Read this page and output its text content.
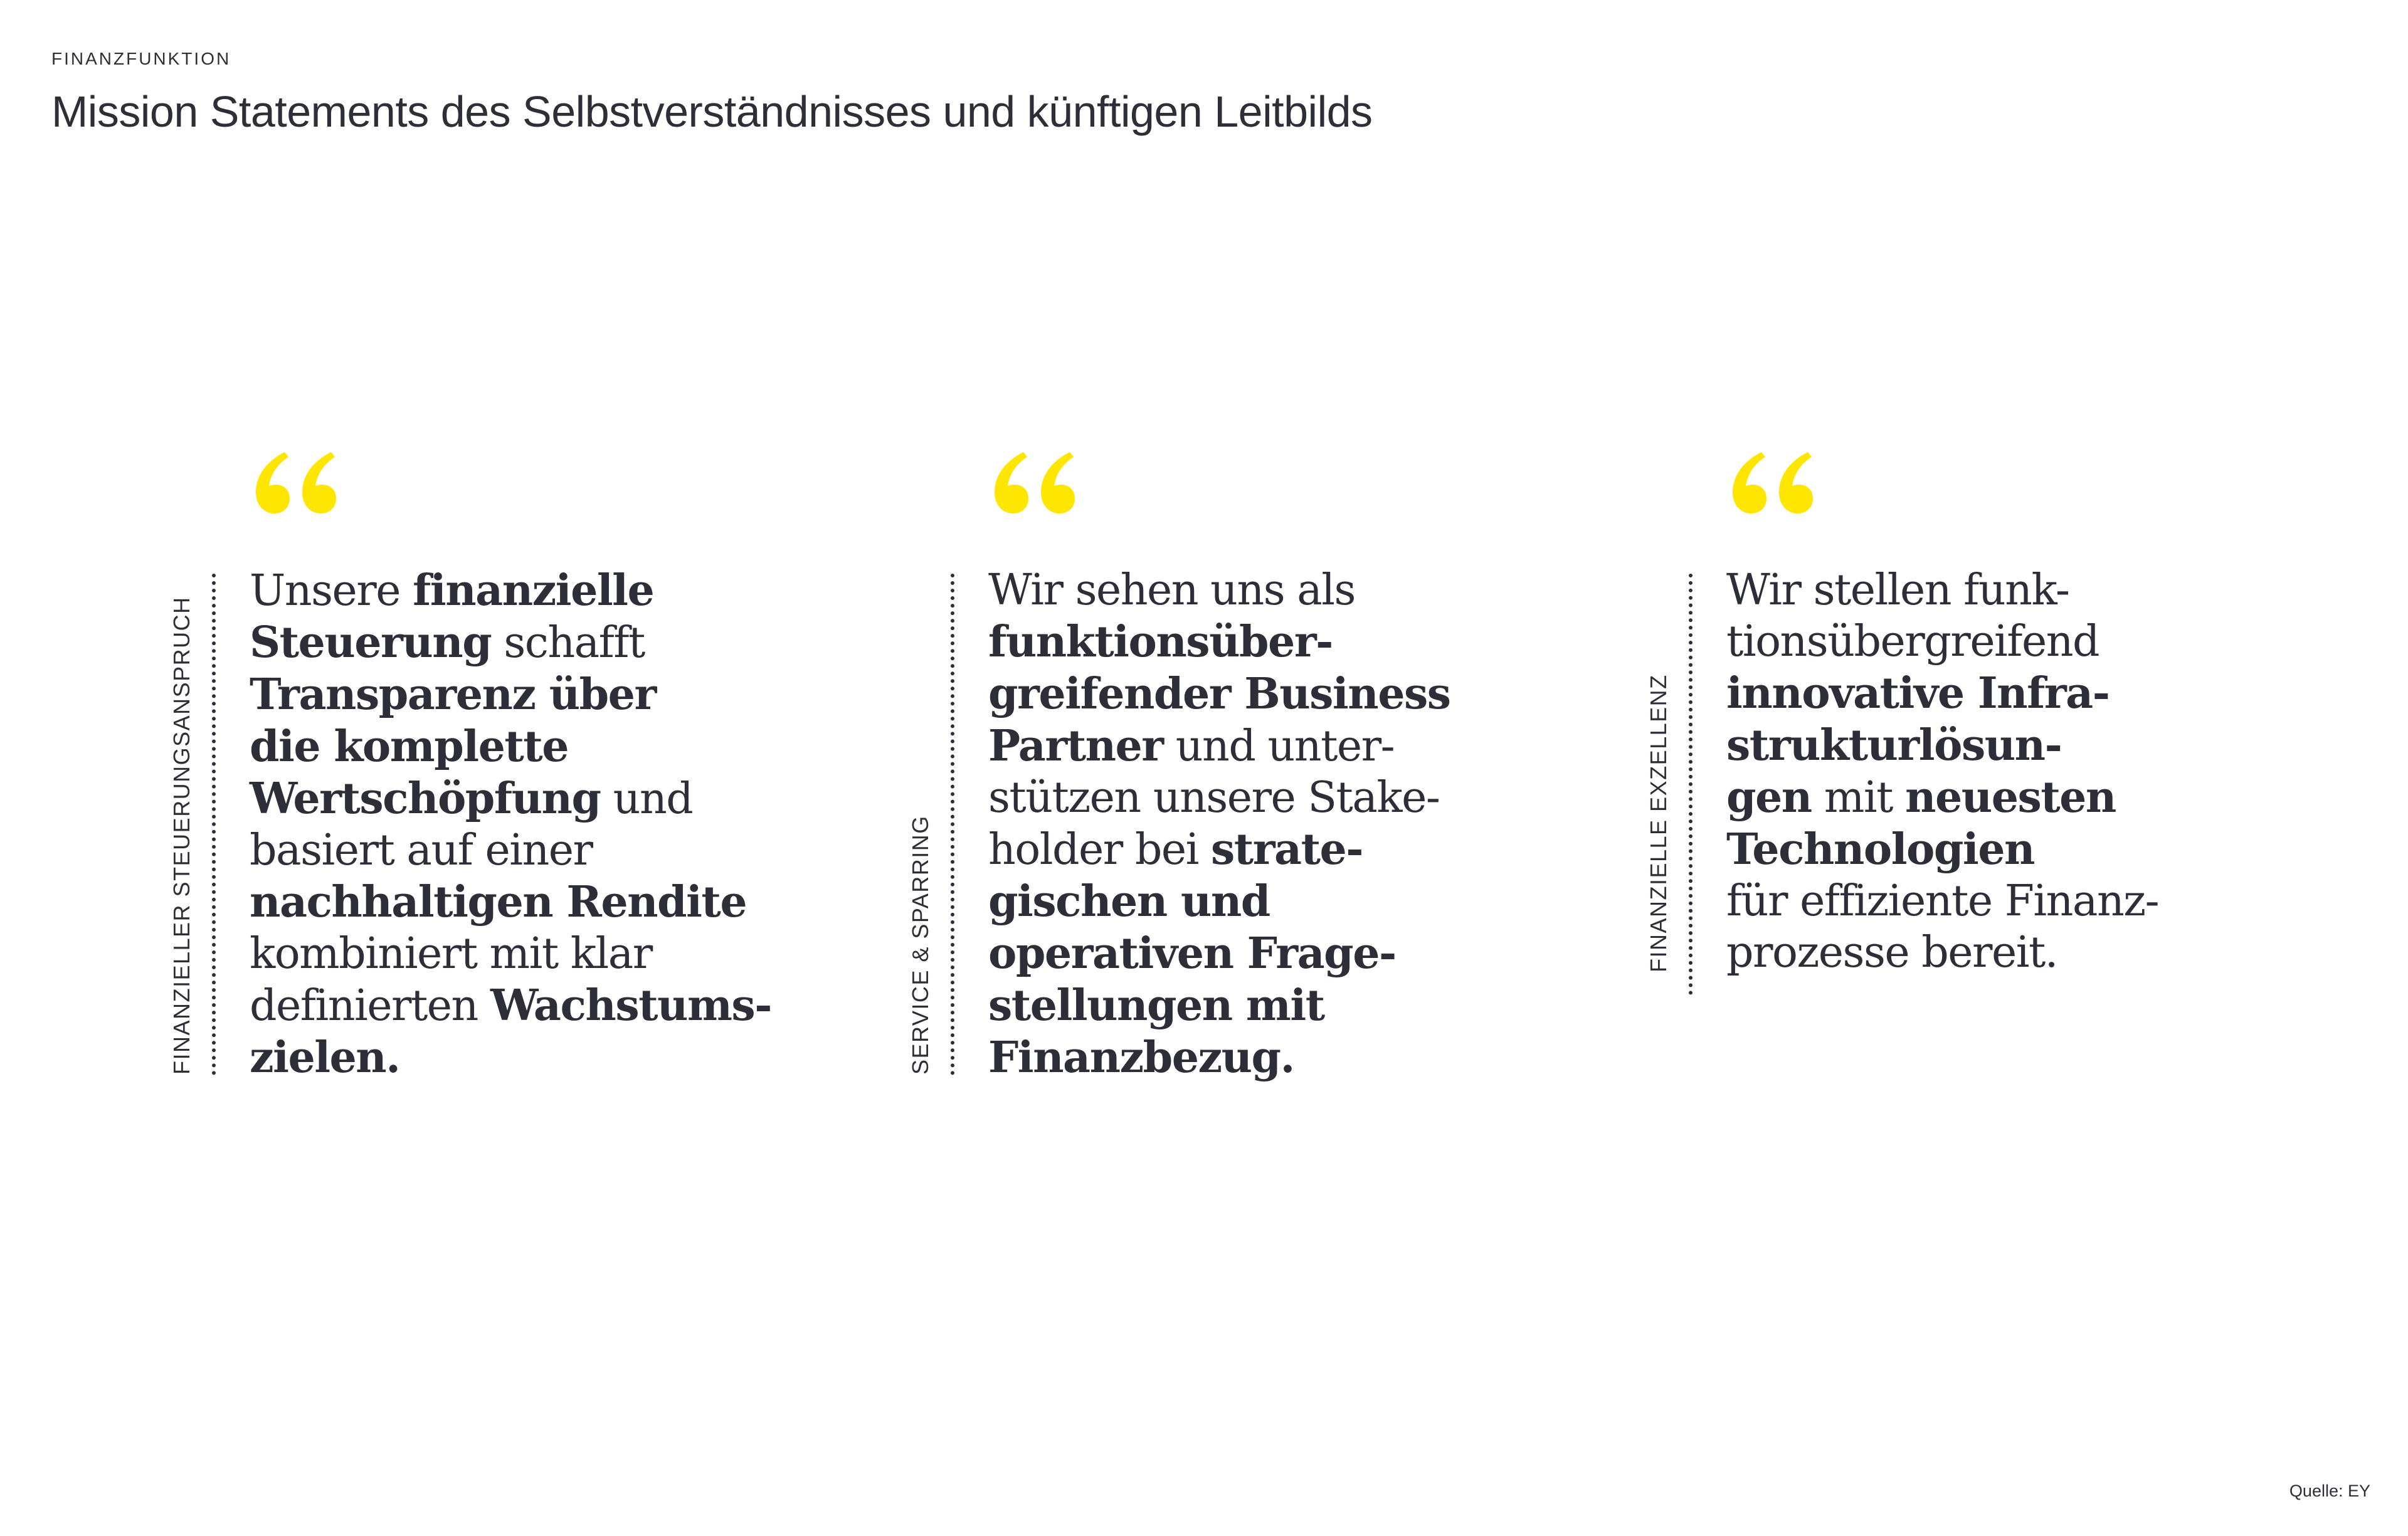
FINANZFUNKTION
Mission Statements des Selbstverständnisses und künftigen Leitbilds
FINANZIELLER STEUERUNGSANSPRUCH

Unsere finanzielle
Steuerung schafft
Transparenz über
die komplette
Wertschöpfung und
basiert auf einer
nachhaltigen Rendite
kombiniert mit klar
definierten Wachstums-
zielen.	SERVICE & SPARRING

Wir sehen uns als
funktionsüber-
greifender Business
Partner und unter-
stützen unsere Stake-
holder bei strate-
gischen und
operativen Frage-
stellungen mit
Finanzbezug.

FINANZIELLE EXZELLENZ

Wir stellen funk-
tionsübergreifend
innovative Infra-
strukturlösun-
gen mit neuesten
Technologien
für effiziente Finanz-
prozesse bereit.

Quelle: EY
